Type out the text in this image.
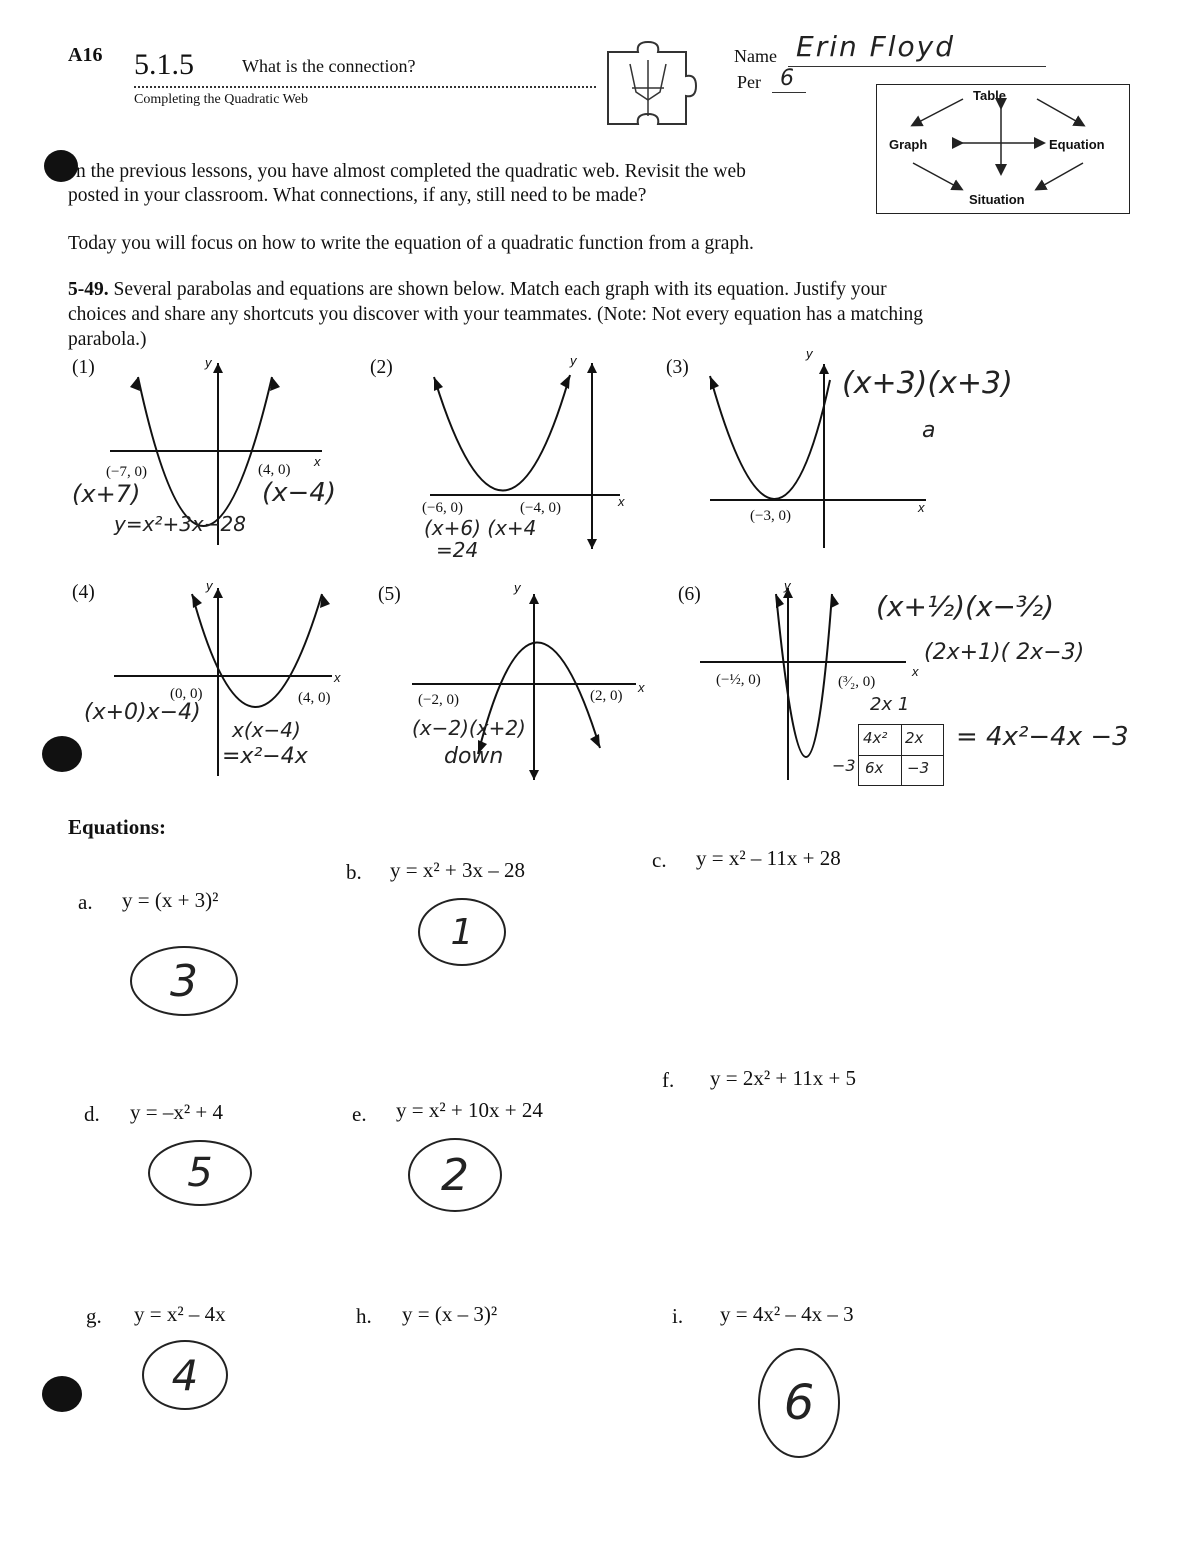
A16 5.1.5	What is the connection?
Completing the Quadratic Web
Name Erin Floyd
Per 6
Table
Graph	Equation
Situation
n the previous lessons, you have almost completed the quadratic web. Revisit the web
posted in your classroom. What connections, if any, still need to be made?
Today you will focus on how to write the equation of a quadratic function from a graph.
5-49. Several parabolas and equations are shown below. Match each graph with its equation. Justify your
choices and share any shortcuts you discover with your teammates. (Note: Not every equation has a matching
parabola.)
(1)	y
x
(−7, 0)	(4, 0)
(x+7)	(x−4)
y=x²+3x−28
(2)	y
x
(−6, 0)	(−4, 0)
(x+6) (x+4
=24
(3)
y
x
(−3, 0)
(x+3)(x+3)
a
(4)	y
x
(0, 0)	(4, 0)
(x+0)x−4)
x(x−4)
=x²−4x
(5)	y
x
(−2, 0)	(2, 0)
(x−2)(x+2)
down
(6)	y
x
(−½, 0)	(³⁄₂, 0)
(x+½)(x−³⁄₂)
(2x+1)( 2x−3)
2x 1
4x² 2x
6x −3
−3
= 4x²−4x −3
Equations:
a. y = (x + 3)²
3
b. y = x² + 3x – 28
1
c. y = x² – 11x + 28
d. y = –x² + 4
5
e. y = x² + 10x + 24
2
f. y = 2x² + 11x + 5
g. y = x² – 4x
4
h. y = (x – 3)²	i. y = 4x² – 4x – 3
6
